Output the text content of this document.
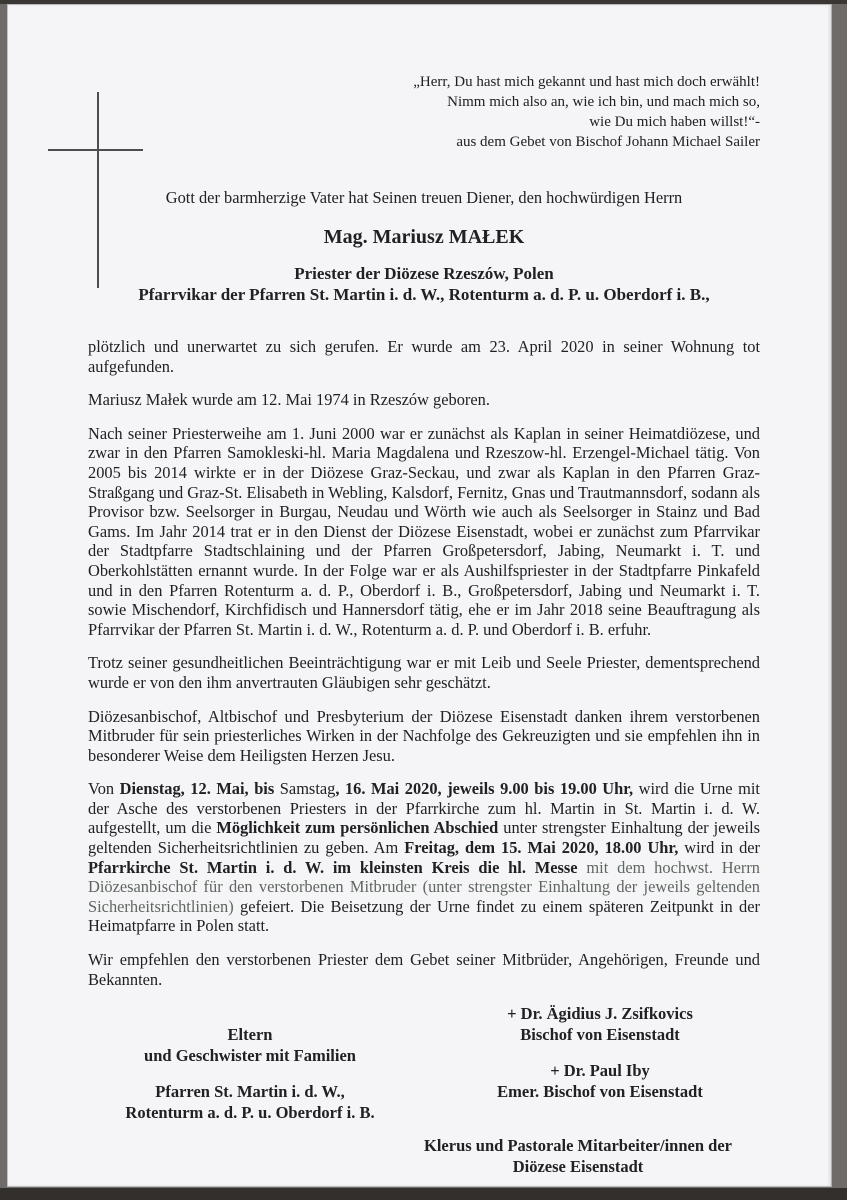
„Herr, Du hast mich gekannt und hast mich doch erwählt!
Nimm mich also an, wie ich bin, und mach mich so,
wie Du mich haben willst!“-
aus dem Gebet von Bischof Johann Michael Sailer
Gott der barmherzige Vater hat Seinen treuen Diener, den hochwürdigen Herrn
Mag. Mariusz MAŁEK
Priester der Diözese Rzeszów, Polen
Pfarrvikar der Pfarren St. Martin i. d. W., Rotenturm a. d. P. u. Oberdorf i. B.,

plötzlich und unerwartet zu sich gerufen. Er wurde am 23. April 2020 in seiner Wohnung tot aufgefunden.

Mariusz Małek wurde am 12. Mai 1974 in Rzeszów geboren.

Nach seiner Priesterweihe am 1. Juni 2000 war er zunächst als Kaplan in seiner Heimatdiözese, und zwar in den Pfarren Samokleski-hl. Maria Magdalena und Rzeszow-hl. Erzengel-Michael tätig. Von 2005 bis 2014 wirkte er in der Diözese Graz-Seckau, und zwar als Kaplan in den Pfarren Graz-Straßgang und Graz-St. Elisabeth in Webling, Kalsdorf, Fernitz, Gnas und Trautmannsdorf, sodann als Provisor bzw. Seelsorger in Burgau, Neudau und Wörth wie auch als Seelsorger in Stainz und Bad Gams. Im Jahr 2014 trat er in den Dienst der Diözese Eisenstadt, wobei er zunächst zum Pfarrvikar der Stadtpfarre Stadtschlaining und der Pfarren Großpetersdorf, Jabing, Neumarkt i. T. und Oberkohlstätten ernannt wurde. In der Folge war er als Aushilfspriester in der Stadtpfarre Pinkafeld und in den Pfarren Rotenturm a. d. P., Oberdorf i. B., Großpetersdorf, Jabing und Neumarkt i. T. sowie Mischendorf, Kirchfidisch und Hannersdorf tätig, ehe er im Jahr 2018 seine Beauftragung als Pfarrvikar der Pfarren St. Martin i. d. W., Rotenturm a. d. P. und Oberdorf i. B. erfuhr.

Trotz seiner gesundheitlichen Beeinträchtigung war er mit Leib und Seele Priester, dementsprechend wurde er von den ihm anvertrauten Gläubigen sehr geschätzt.

Diözesanbischof, Altbischof und Presbyterium der Diözese Eisenstadt danken ihrem verstorbenen Mitbruder für sein priesterliches Wirken in der Nachfolge des Gekreuzigten und sie empfehlen ihn in besonderer Weise dem Heiligsten Herzen Jesu.

Von Dienstag, 12. Mai, bis Samstag, 16. Mai 2020, jeweils 9.00 bis 19.00 Uhr, wird die Urne mit der Asche des verstorbenen Priesters in der Pfarrkirche zum hl. Martin in St. Martin i. d. W. aufgestellt, um die Möglichkeit zum persönlichen Abschied unter strengster Einhaltung der jeweils geltenden Sicherheitsrichtlinien zu geben. Am Freitag, dem 15. Mai 2020, 18.00 Uhr, wird in der Pfarrkirche St. Martin i. d. W. im kleinsten Kreis die hl. Messe mit dem hochwst. Herrn Diözesanbischof für den verstorbenen Mitbruder (unter strengster Einhaltung der jeweils geltenden Sicherheitsrichtlinien) gefeiert. Die Beisetzung der Urne findet zu einem späteren Zeitpunkt in der Heimatpfarre in Polen statt.

Wir empfehlen den verstorbenen Priester dem Gebet seiner Mitbrüder, Angehörigen, Freunde und Bekannten.

Eltern
und Geschwister mit Familien
Pfarren St. Martin i. d. W.,
Rotenturm a. d. P. u. Oberdorf i. B.
+ Dr. Ägidius J. Zsifkovics
Bischof von Eisenstadt
+ Dr. Paul Iby
Emer. Bischof von Eisenstadt
Klerus und Pastorale Mitarbeiter/innen der
Diözese Eisenstadt
